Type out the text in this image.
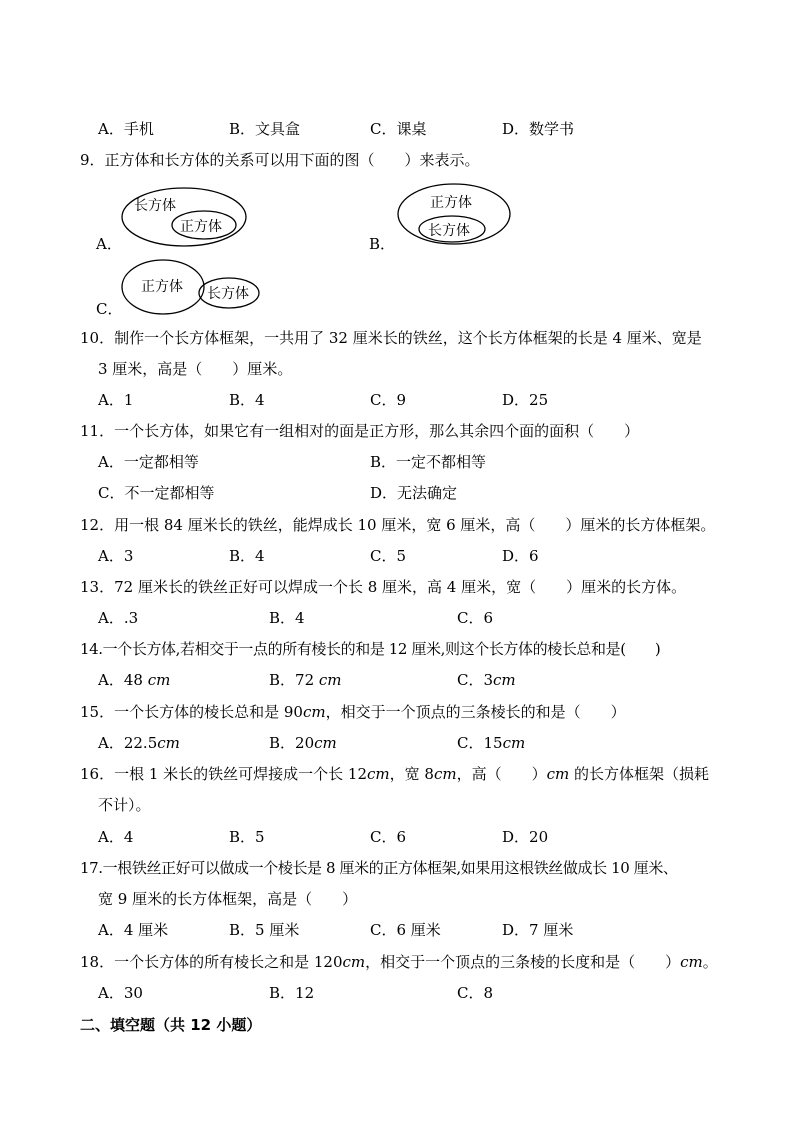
A．手机	B．文具盒	C．课桌	D．数学书
9．正方体和长方体的关系可以用下面的图（　　）来表示。
A．	B．
C．
长方体
正方体
正方体
长方体
正方体 长方体
10．制作一个长方体框架，一共用了 32 厘米长的铁丝，这个长方体框架的长是 4 厘米、宽是
3 厘米，高是（　　）厘米。
A．1	B．4	C．9	D．25
11．一个长方体，如果它有一组相对的面是正方形，那么其余四个面的面积（　　）
A．一定都相等	B．一定不都相等
C．不一定都相等	D．无法确定
12．用一根 84 厘米长的铁丝，能焊成长 10 厘米，宽 6 厘米，高（　　）厘米的长方体框架。
A．3	B．4	C．5	D．6
13．72 厘米长的铁丝正好可以焊成一个长 8 厘米，高 4 厘米，宽（　　）厘米的长方体。
A．.3	B．4	C．6
14.一个长方体,若相交于一点的所有棱长的和是 12 厘米,则这个长方体的棱长总和是(　　)
A．48 cm	B．72 cm	C．3cm
15．一个长方体的棱长总和是 90cm，相交于一个顶点的三条棱长的和是（　　）
A．22.5cm	B．20cm	C．15cm
16．一根 1 米长的铁丝可焊接成一个长 12cm，宽 8cm，高（　　）cm 的长方体框架（损耗
不计）。
A．4	B．5	C．6	D．20
17.一根铁丝正好可以做成一个棱长是 8 厘米的正方体框架,如果用这根铁丝做成长 10 厘米、
宽 9 厘米的长方体框架，高是（　　）
A．4 厘米	B．5 厘米	C．6 厘米	D．7 厘米
18．一个长方体的所有棱长之和是 120cm，相交于一个顶点的三条棱的长度和是（　　）cm。
A．30	B．12	C．8
二、填空题（共 12 小题）
